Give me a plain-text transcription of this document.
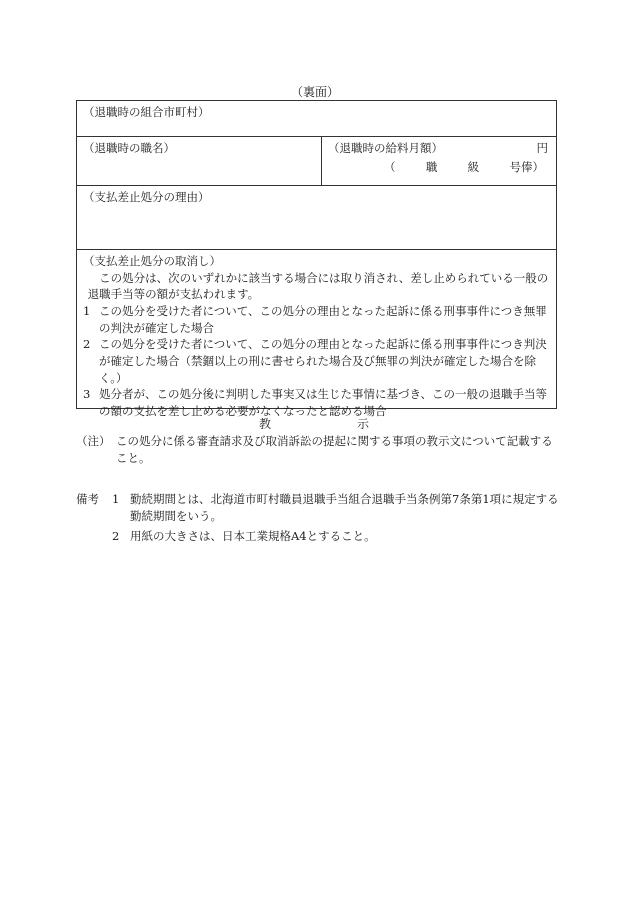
（裏面）
（退職時の組合市町村）
（退職時の職名）	（退職時の給料月額）	円
（	職	級	号俸）
（支払差止処分の理由）

（支払差止処分の取消し）

この処分は、次のいずれかに該当する場合には取り消され、差し止められている一般の退職手当等の額が支払われます。

1 この処分を受けた者について、この処分の理由となった起訴に係る刑事事件につき無罪の判決が確定した場合
2 この処分を受けた者について、この処分の理由となった起訴に係る刑事事件につき判決が確定した場合（禁錮以上の刑に書せられた場合及び無罪の判決が確定した場合を除く。）
3 処分者が、この処分後に判明した事実又は生じた事情に基づき、この一般の退職手当等の額の支払を差し止める必要がなくなったと認める場合
教	示
（注） この処分に係る審査請求及び取消訴訟の提起に関する事項の教示文について記載すること。
備考	1 勤続期間とは、北海道市町村職員退職手当組合退職手当条例第7条第1項に規定する勤続期間をいう。
2 用紙の大きさは、日本工業規格A4とすること。
